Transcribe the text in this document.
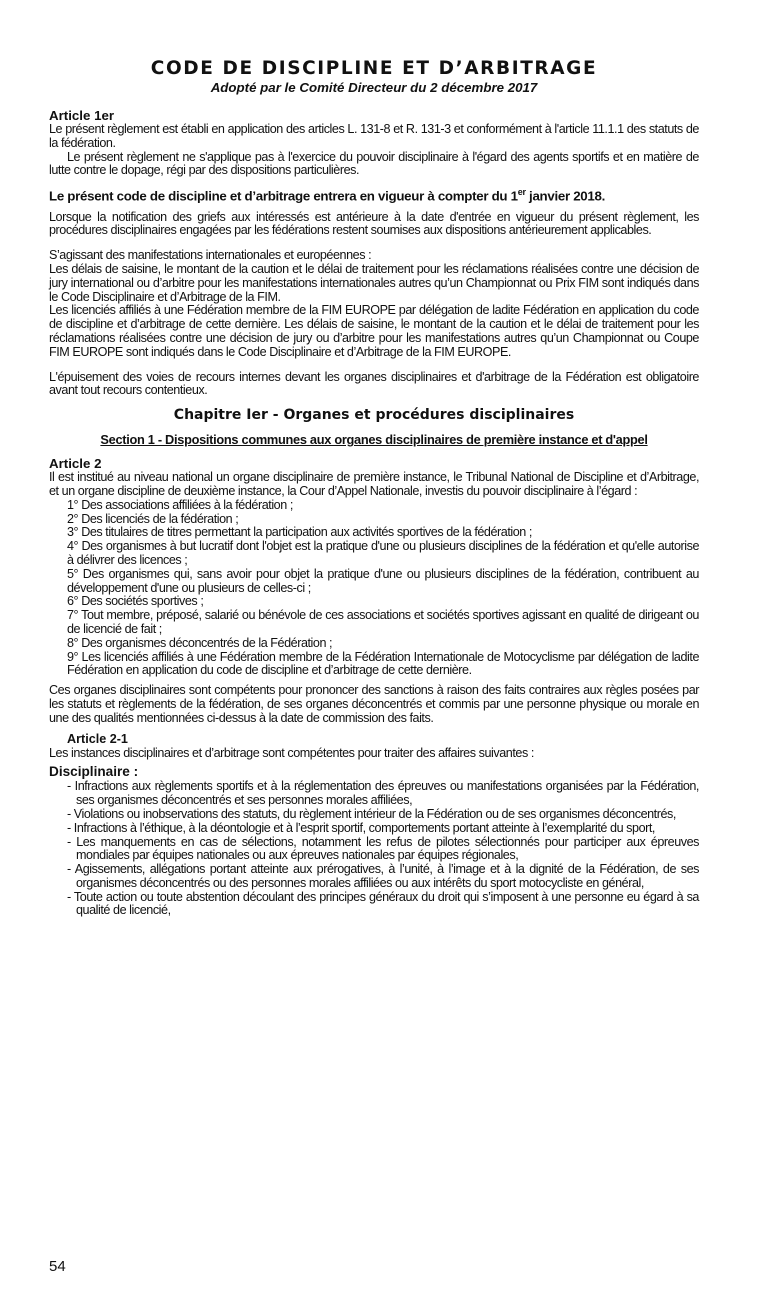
CODE DE DISCIPLINE ET D’ARBITRAGE
Adopté par le Comité Directeur du 2 décembre 2017
Article 1er

Le présent règlement est établi en application des articles L. 131-8 et R. 131-3 et conformément à l'article 11.1.1 des statuts de la fédération.

Le présent règlement ne s'applique pas à l'exercice du pouvoir disciplinaire à l'égard des agents sportifs et en matière de lutte contre le dopage, régi par des dispositions particulières.

Le présent code de discipline et d’arbitrage entrera en vigueur à compter du 1er janvier 2018.

Lorsque la notification des griefs aux intéressés est antérieure à la date d'entrée en vigueur du présent règlement, les procédures disciplinaires engagées par les fédérations restent soumises aux dispositions antérieurement applicables.

S’agissant des manifestations internationales et européennes :

Les délais de saisine, le montant de la caution et le délai de traitement pour les réclamations réalisées contre une décision de jury international ou d’arbitre pour les manifestations internationales autres qu’un Championnat ou Prix FIM sont indiqués dans le Code Disciplinaire et d’Arbitrage de la FIM.

Les licenciés affiliés à une Fédération membre de la FIM EUROPE par délégation de ladite Fédération en application du code de discipline et d’arbitrage de cette dernière. Les délais de saisine, le montant de la caution et le délai de traitement pour les réclamations réalisées contre une décision de jury ou d’arbitre pour les manifestations autres qu’un Championnat ou Coupe FIM EUROPE sont indiqués dans le Code Disciplinaire et d’Arbitrage de la FIM EUROPE.

L'épuisement des voies de recours internes devant les organes disciplinaires et d'arbitrage de la Fédération est obligatoire avant tout recours contentieux.

Chapitre Ier - Organes et procédures disciplinaires
Section 1 - Dispositions communes aux organes disciplinaires de première instance et d'appel
Article 2

Il est institué au niveau national un organe disciplinaire de première instance, le Tribunal National de Discipline et d’Arbitrage, et un organe discipline de deuxième instance, la Cour d’Appel Nationale, investis du pouvoir disciplinaire à l’égard :

1° Des associations affiliées à la fédération ;
2° Des licenciés de la fédération ;
3° Des titulaires de titres permettant la participation aux activités sportives de la fédération ;
4° Des organismes à but lucratif dont l'objet est la pratique d'une ou plusieurs disciplines de la fédération et qu'elle autorise à délivrer des licences ;
5° Des organismes qui, sans avoir pour objet la pratique d'une ou plusieurs disciplines de la fédération, contribuent au développement d'une ou plusieurs de celles-ci ;
6° Des sociétés sportives ;
7° Tout membre, préposé, salarié ou bénévole de ces associations et sociétés sportives agissant en qualité de dirigeant ou de licencié de fait ;
8° Des organismes déconcentrés de la Fédération ;
9° Les licenciés affiliés à une Fédération membre de la Fédération Internationale de Motocyclisme par délégation de ladite Fédération en application du code de discipline et d’arbitrage de cette dernière.

Ces organes disciplinaires sont compétents pour prononcer des sanctions à raison des faits contraires aux règles posées par les statuts et règlements de la fédération, de ses organes déconcentrés et commis par une personne physique ou morale en une des qualités mentionnées ci-dessus à la date de commission des faits.

Article 2-1

Les instances disciplinaires et d’arbitrage sont compétentes pour traiter des affaires suivantes :

Disciplinaire :
- Infractions aux règlements sportifs et à la réglementation des épreuves ou manifestations organisées par la Fédération, ses organismes déconcentrés et ses personnes morales affiliées,
- Violations ou inobservations des statuts, du règlement intérieur de la Fédération ou de ses organismes déconcentrés,
- Infractions à l’éthique, à la déontologie et à l’esprit sportif, comportements portant atteinte à l’exemplarité du sport,
- Les manquements en cas de sélections, notamment les refus de pilotes sélectionnés pour participer aux épreuves mondiales par équipes nationales ou aux épreuves nationales par équipes régionales,
- Agissements, allégations portant atteinte aux prérogatives, à l’unité, à l’image et à la dignité de la Fédération, de ses organismes déconcentrés ou des personnes morales affiliées ou aux intérêts du sport motocycliste en général,
- Toute action ou toute abstention découlant des principes généraux du droit qui s’imposent à une personne eu égard à sa qualité de licencié,
54
